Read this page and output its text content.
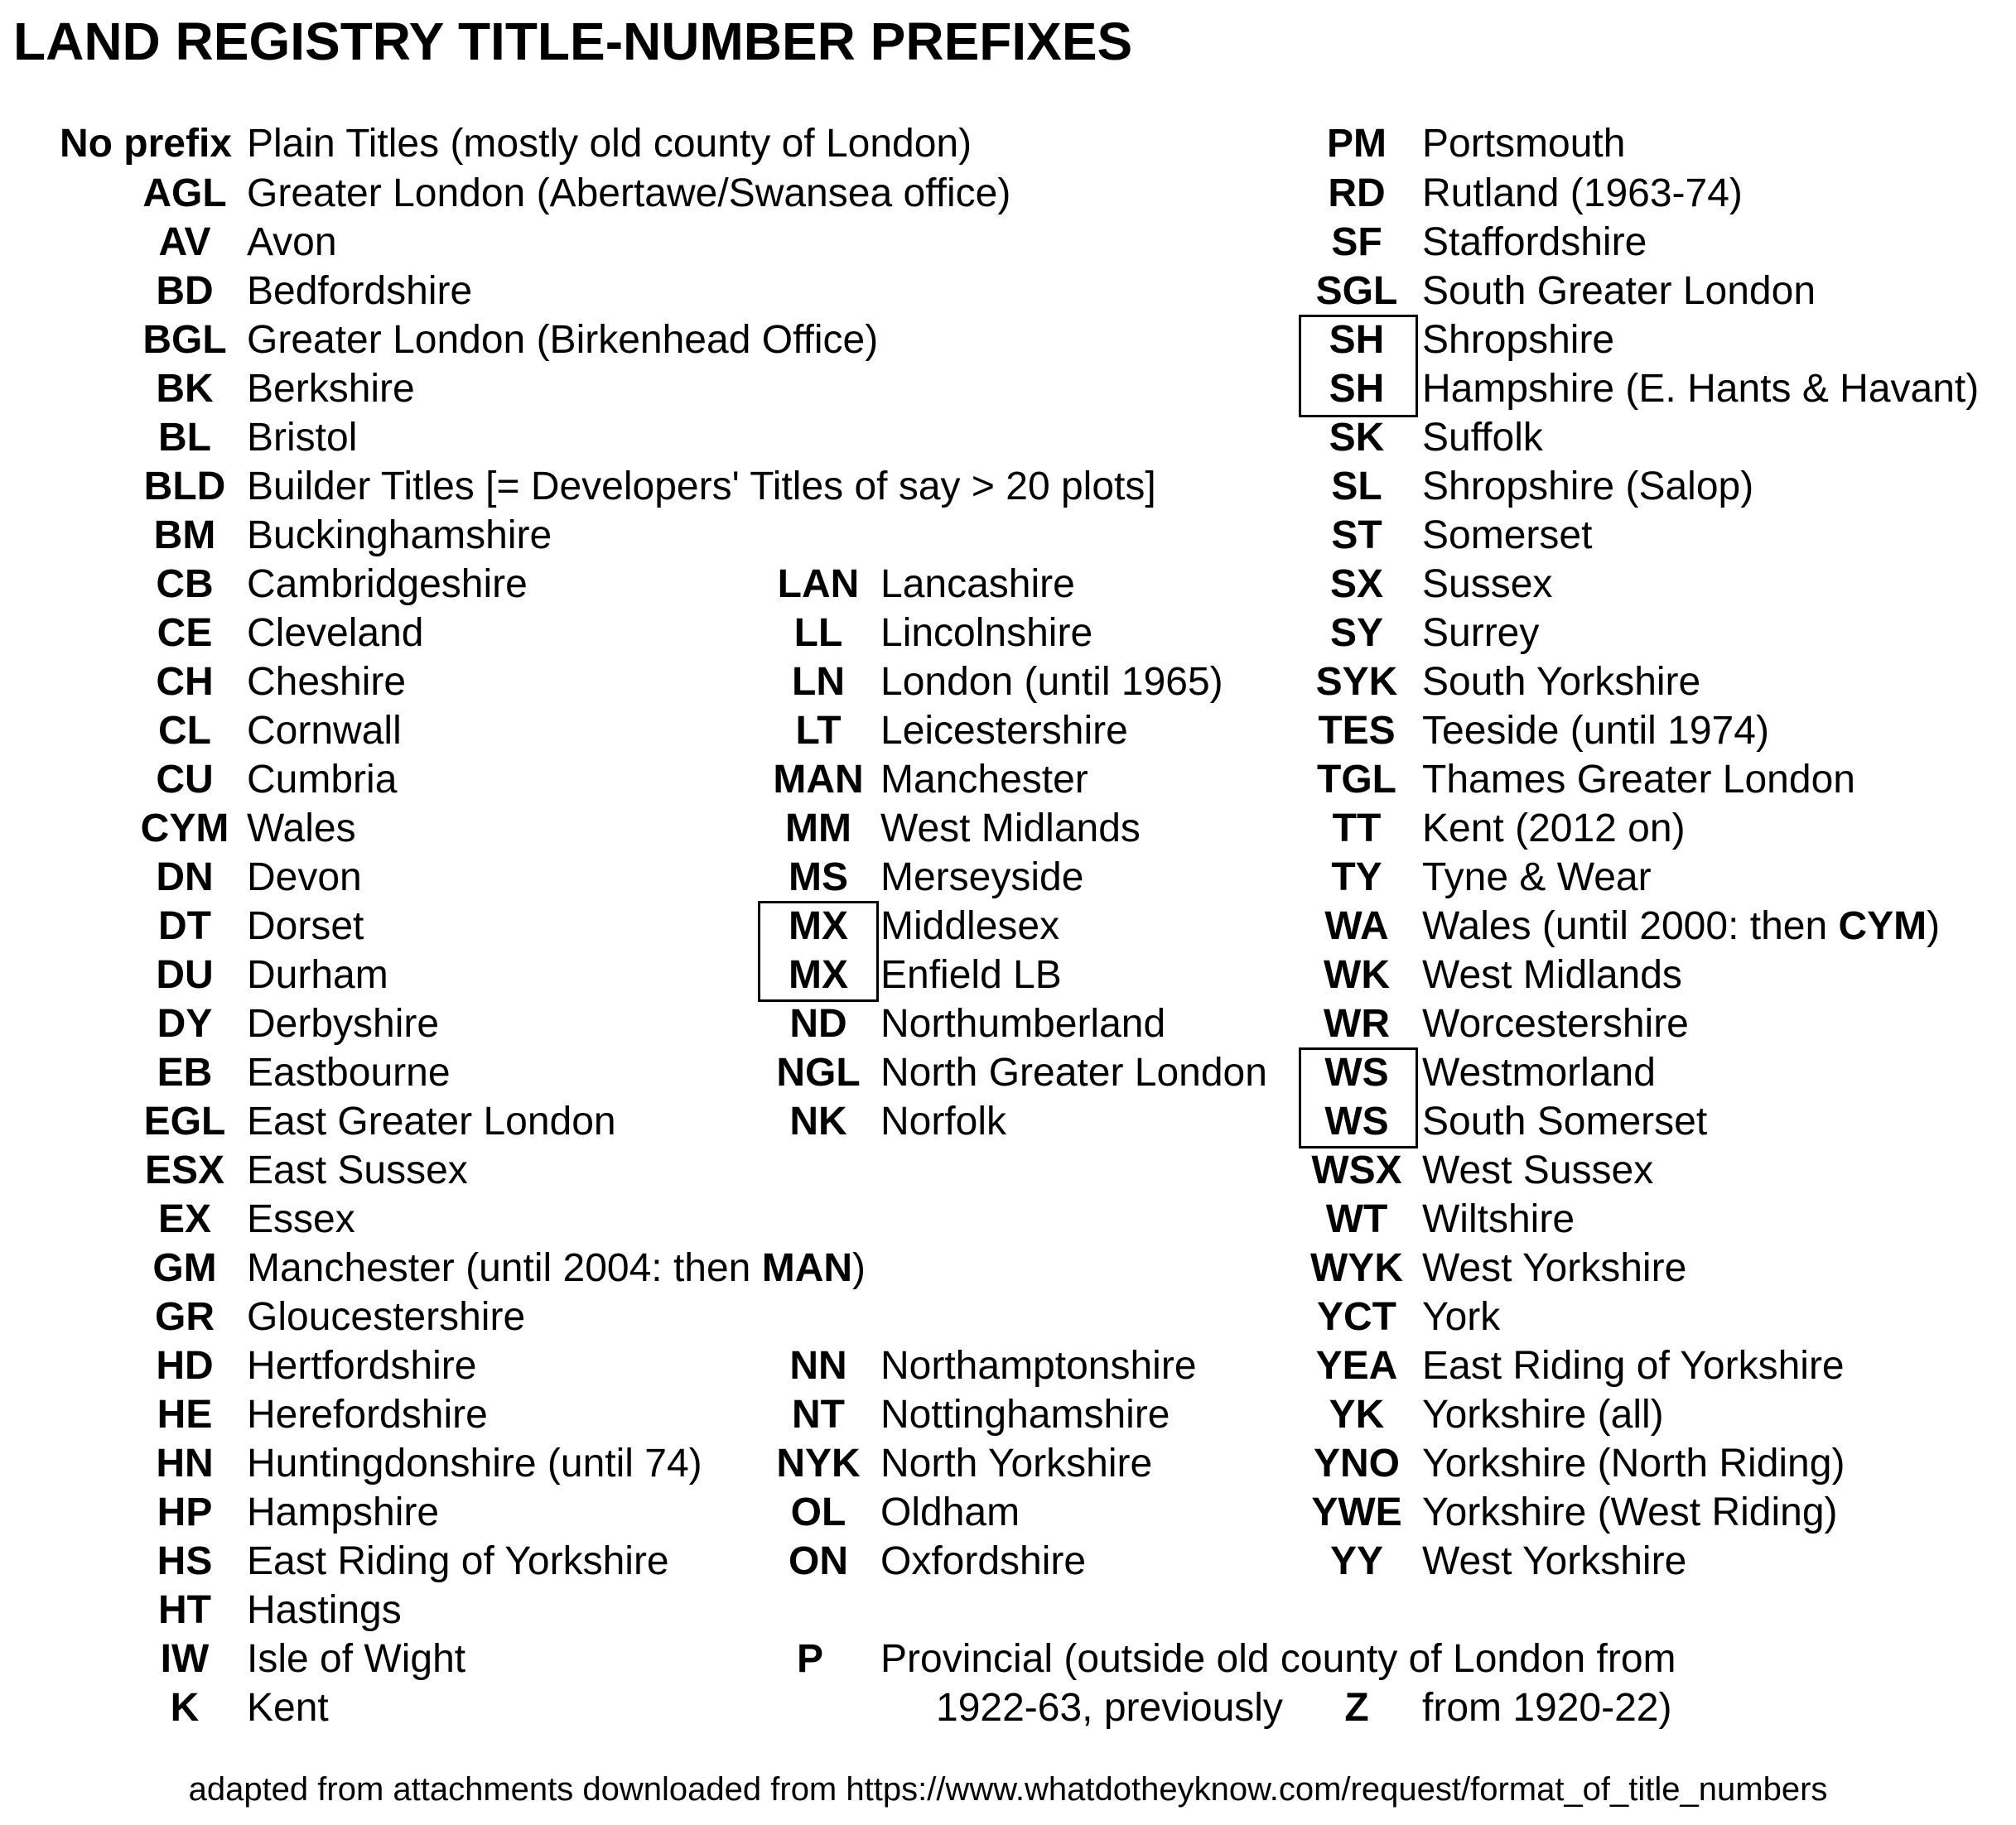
LAND REGISTRY TITLE-NUMBER PREFIXES
No prefix Plain Titles (mostly old county of London)
AGL Greater London (Abertawe/Swansea office)
AV Avon
BD Bedfordshire
BGL Greater London (Birkenhead Office)
BK Berkshire
BL Bristol
BLD Builder Titles [= Developers' Titles of say > 20 plots]
BM Buckinghamshire
CB Cambridgeshire
CE Cleveland
CH Cheshire
CL Cornwall
CU Cumbria
CYM Wales
DN Devon
DT Dorset
DU Durham
DY Derbyshire
EB Eastbourne
EGL East Greater London
ESX East Sussex
EX Essex
GM Manchester (until 2004: then MAN)
GR Gloucestershire
HD Hertfordshire
HE Herefordshire
HN Huntingdonshire (until 74)
HP Hampshire
HS East Riding of Yorkshire
HT Hastings
IW Isle of Wight
K	Kent
LAN Lancashire
LL Lincolnshire
LN London (until 1965)
LT Leicestershire
MAN Manchester
MM West Midlands
MS Merseyside
MX Middlesex
MX Enfield LB
ND Northumberland
NGL North Greater London
NK Norfolk
NN Northamptonshire
NT Nottinghamshire
NYK North Yorkshire
OL Oldham
ON Oxfordshire
P	Provincial (outside old county of London from
1922-63, previously	Z	from 1920-22)
PM Portsmouth
RD Rutland (1963-74)
SF	Staffordshire
SGL South Greater London
SH Shropshire
SH Hampshire (E. Hants & Havant)
SK Suffolk
SL	Shropshire (Salop)
ST	Somerset
SX Sussex
SY Surrey
SYK South Yorkshire
TES Teeside (until 1974)
TGL Thames Greater London
TT	Kent (2012 on)
TY	Tyne & Wear
WA Wales (until 2000: then CYM)
WK West Midlands
WR Worcestershire
WS Westmorland
WS South Somerset
WSX West Sussex
WT Wiltshire
WYK West Yorkshire
YCT York
YEA East Riding of Yorkshire
YK Yorkshire (all)
YNO Yorkshire (North Riding)
YWE Yorkshire (West Riding)
YY West Yorkshire
adapted from attachments downloaded from https://www.whatdotheyknow.com/request/format_of_title_numbers
